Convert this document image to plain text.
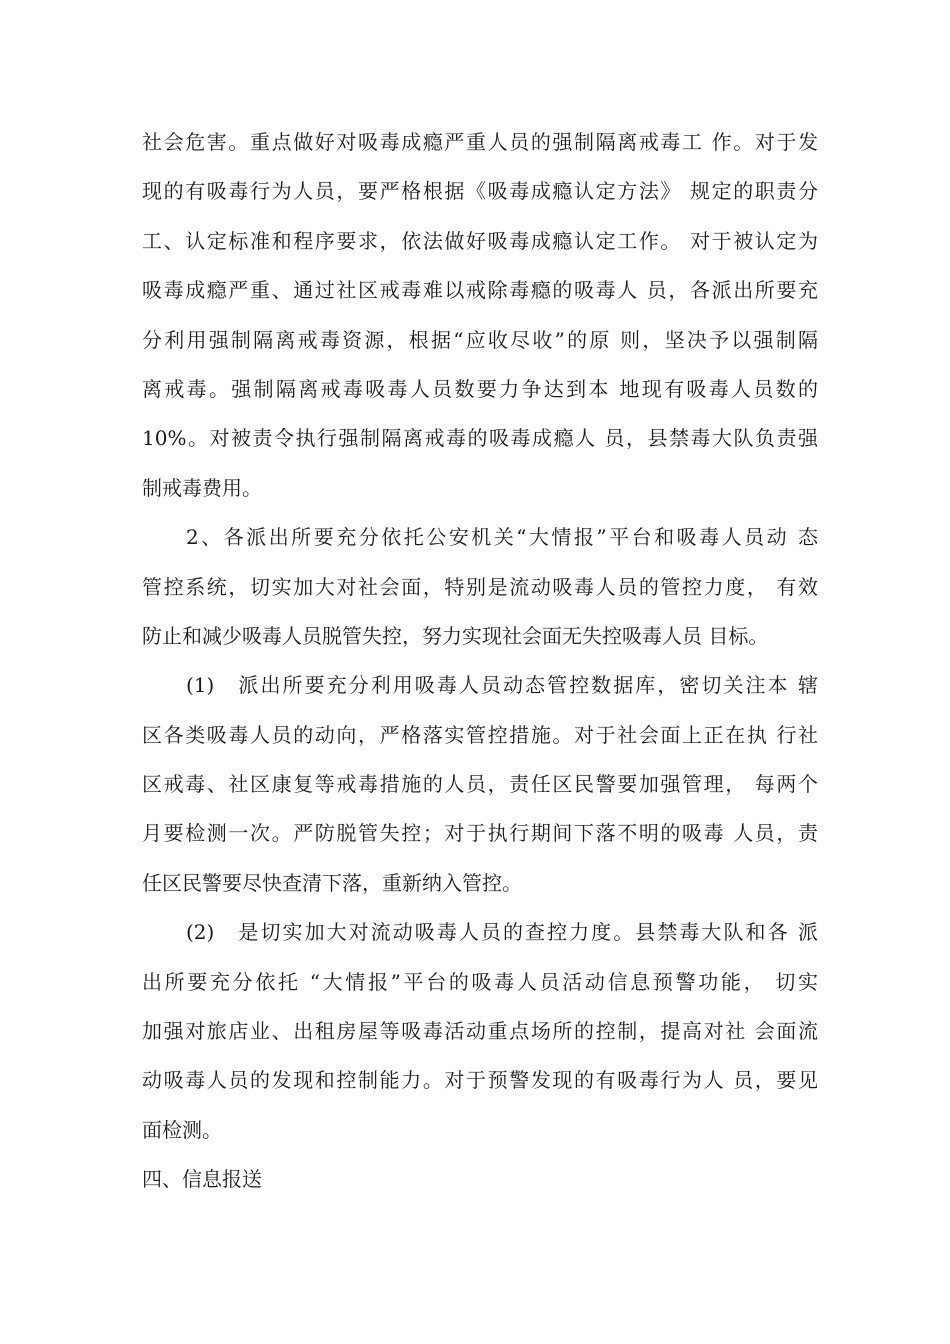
社会危害。重点做好对吸毒成瘾严重人员的强制隔离戒毒工 作。对于发
现的有吸毒行为人员，要严格根据《吸毒成瘾认定方法》 规定的职责分
工、认定标准和程序要求，依法做好吸毒成瘾认定工作。 对于被认定为
吸毒成瘾严重、通过社区戒毒难以戒除毒瘾的吸毒人 员，各派出所要充
分利用强制隔离戒毒资源，根据“应收尽收”的原 则，坚决予以强制隔
离戒毒。强制隔离戒毒吸毒人员数要力争达到本 地现有吸毒人员数的
10%。对被责令执行强制隔离戒毒的吸毒成瘾人 员，县禁毒大队负责强
制戒毒费用。
2、各派出所要充分依托公安机关“大情报”平台和吸毒人员动 态
管控系统，切实加大对社会面，特别是流动吸毒人员的管控力度， 有效
防止和减少吸毒人员脱管失控，努力实现社会面无失控吸毒人员 目标。
(1)　派出所要充分利用吸毒人员动态管控数据库，密切关注本 辖
区各类吸毒人员的动向，严格落实管控措施。对于社会面上正在执 行社
区戒毒、社区康复等戒毒措施的人员，责任区民警要加强管理， 每两个
月要检测一次。严防脱管失控；对于执行期间下落不明的吸毒 人员，责
任区民警要尽快查清下落，重新纳入管控。
(2)　是切实加大对流动吸毒人员的查控力度。县禁毒大队和各 派
出所要充分依托 “大情报”平台的吸毒人员活动信息预警功能， 切实
加强对旅店业、出租房屋等吸毒活动重点场所的控制，提高对社 会面流
动吸毒人员的发现和控制能力。对于预警发现的有吸毒行为人 员，要见
面检测。
四、信息报送
